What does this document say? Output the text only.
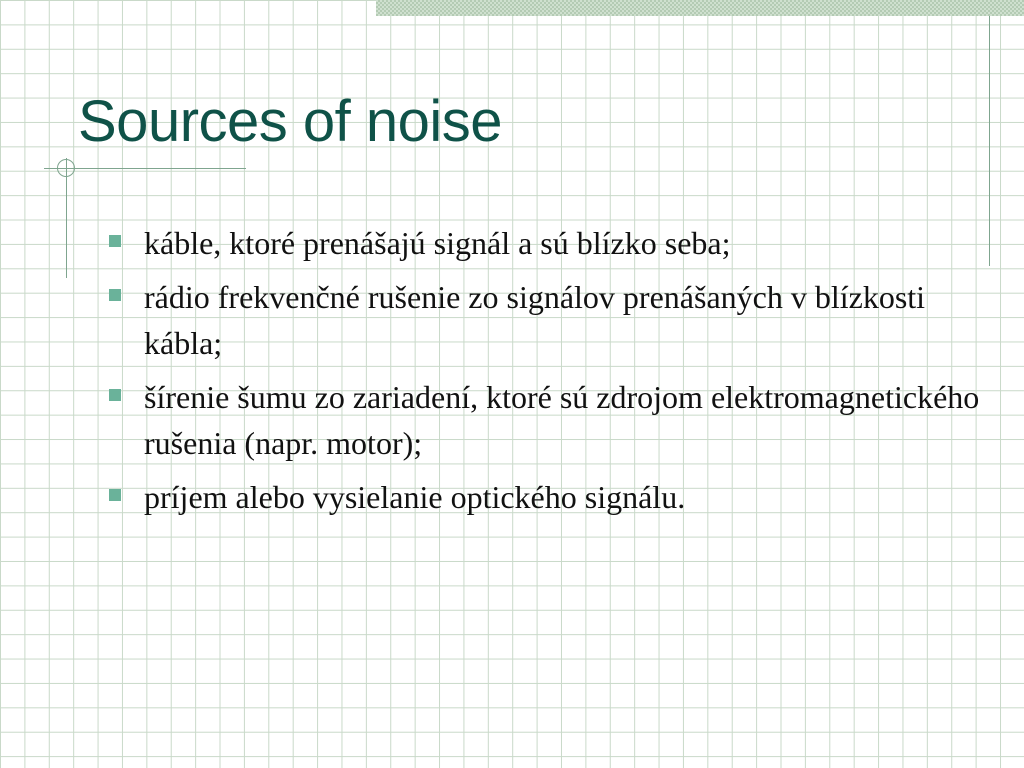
Sources of noise
káble, ktoré prenášajú signál a sú blízko seba;
rádio frekvenčné rušenie zo signálov prenášaných v blízkosti kábla;
šírenie šumu zo zariadení, ktoré sú zdrojom elektromagnetického rušenia (napr. motor);
príjem alebo vysielanie optického signálu.
